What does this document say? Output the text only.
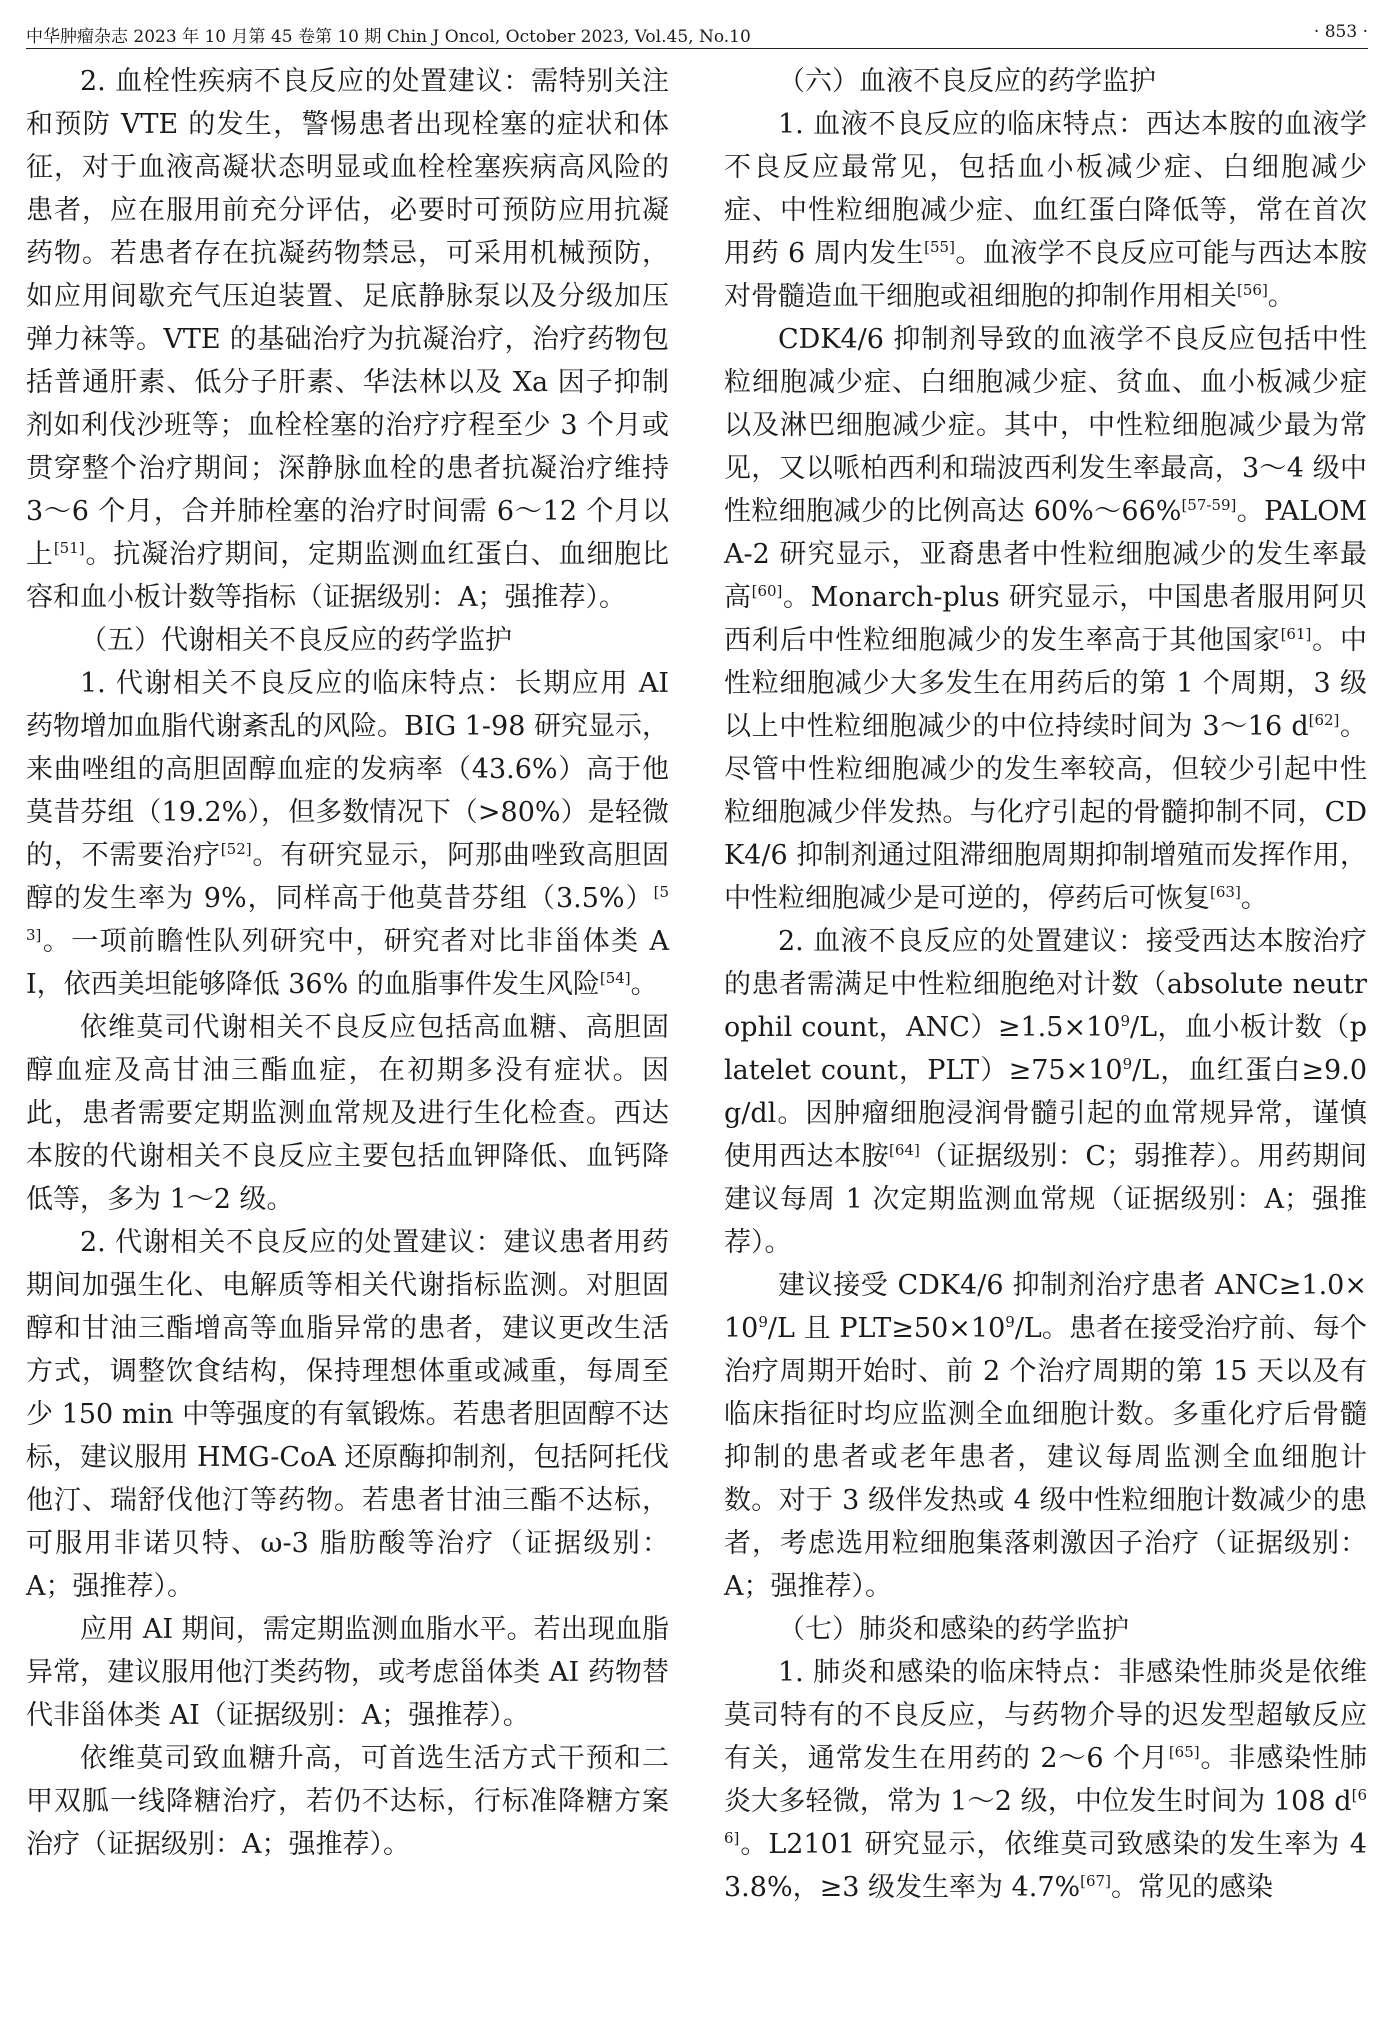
中华肿瘤杂志 2023 年 10 月第 45 卷第 10 期 Chin J Oncol, October 2023, Vol.45, No.10	· 853 ·

2. 血栓性疾病不良反应的处置建议：需特别关注和预防 VTE 的发生，警惕患者出现栓塞的症状和体征，对于血液高凝状态明显或血栓栓塞疾病高风险的患者，应在服用前充分评估，必要时可预防应用抗凝药物。若患者存在抗凝药物禁忌，可采用机械预防，如应用间歇充气压迫装置、足底静脉泵以及分级加压弹力袜等。VTE 的基础治疗为抗凝治疗，治疗药物包括普通肝素、低分子肝素、华法林以及 Xa 因子抑制剂如利伐沙班等；血栓栓塞的治疗疗程至少 3 个月或贯穿整个治疗期间；深静脉血栓的患者抗凝治疗维持 3～6 个月，合并肺栓塞的治疗时间需 6～12 个月以上[51]。抗凝治疗期间，定期监测血红蛋白、血细胞比容和血小板计数等指标（证据级别：A；强推荐）。

（五）代谢相关不良反应的药学监护

1. 代谢相关不良反应的临床特点：长期应用 AI 药物增加血脂代谢紊乱的风险。BIG 1-98 研究显示，来曲唑组的高胆固醇血症的发病率（43.6%）高于他莫昔芬组（19.2%），但多数情况下（>80%）是轻微的，不需要治疗[52]。有研究显示，阿那曲唑致高胆固醇的发生率为 9%，同样高于他莫昔芬组（3.5%）[53]。一项前瞻性队列研究中，研究者对比非甾体类 AI，依西美坦能够降低 36% 的血脂事件发生风险[54]。

依维莫司代谢相关不良反应包括高血糖、高胆固醇血症及高甘油三酯血症，在初期多没有症状。因此，患者需要定期监测血常规及进行生化检查。西达本胺的代谢相关不良反应主要包括血钾降低、血钙降低等，多为 1～2 级。

2. 代谢相关不良反应的处置建议：建议患者用药期间加强生化、电解质等相关代谢指标监测。对胆固醇和甘油三酯增高等血脂异常的患者，建议更改生活方式，调整饮食结构，保持理想体重或减重，每周至少 150 min 中等强度的有氧锻炼。若患者胆固醇不达标，建议服用 HMG-CoA 还原酶抑制剂，包括阿托伐他汀、瑞舒伐他汀等药物。若患者甘油三酯不达标，可服用非诺贝特、ω-3 脂肪酸等治疗（证据级别：A；强推荐）。

应用 AI 期间，需定期监测血脂水平。若出现血脂异常，建议服用他汀类药物，或考虑甾体类 AI 药物替代非甾体类 AI（证据级别：A；强推荐）。

依维莫司致血糖升高，可首选生活方式干预和二甲双胍一线降糖治疗，若仍不达标，行标准降糖方案治疗（证据级别：A；强推荐）。

（六）血液不良反应的药学监护

1. 血液不良反应的临床特点：西达本胺的血液学不良反应最常见，包括血小板减少症、白细胞减少症、中性粒细胞减少症、血红蛋白降低等，常在首次用药 6 周内发生[55]。血液学不良反应可能与西达本胺对骨髓造血干细胞或祖细胞的抑制作用相关[56]。

CDK4/6 抑制剂导致的血液学不良反应包括中性粒细胞减少症、白细胞减少症、贫血、血小板减少症以及淋巴细胞减少症。其中，中性粒细胞减少最为常见，又以哌柏西利和瑞波西利发生率最高，3～4 级中性粒细胞减少的比例高达 60%～66%[57-59]。PALOMA-2 研究显示，亚裔患者中性粒细胞减少的发生率最高[60]。Monarch-plus 研究显示，中国患者服用阿贝西利后中性粒细胞减少的发生率高于其他国家[61]。中性粒细胞减少大多发生在用药后的第 1 个周期，3 级以上中性粒细胞减少的中位持续时间为 3～16 d[62]。尽管中性粒细胞减少的发生率较高，但较少引起中性粒细胞减少伴发热。与化疗引起的骨髓抑制不同，CDK4/6 抑制剂通过阻滞细胞周期抑制增殖而发挥作用，中性粒细胞减少是可逆的，停药后可恢复[63]。

2. 血液不良反应的处置建议：接受西达本胺治疗的患者需满足中性粒细胞绝对计数（absolute neutrophil count，$ANC)\ge 1.5\times 10^9/L$，血小板计数（platelet count，$PLT)\ge 75\times 10^9/L$，血红蛋白≥9.0 g/dl。因肿瘤细胞浸润骨髓引起的血常规异常，谨慎使用西达本胺[64]（证据级别：C；弱推荐）。用药期间建议每周 1 次定期监测血常规（证据级别：A；强推荐）。

建议接受 CDK4/6 抑制剂治疗患者 $ANC\ge 1.0\times 10^9/L$ 且 $PLT\ge 50\times 10^9/L$。患者在接受治疗前、每个治疗周期开始时、前 2 个治疗周期的第 15 天以及有临床指征时均应监测全血细胞计数。多重化疗后骨髓抑制的患者或老年患者，建议每周监测全血细胞计数。对于 3 级伴发热或 4 级中性粒细胞计数减少的患者，考虑选用粒细胞集落刺激因子治疗（证据级别：A；强推荐）。

（七）肺炎和感染的药学监护

1. 肺炎和感染的临床特点：非感染性肺炎是依维莫司特有的不良反应，与药物介导的迟发型超敏反应有关，通常发生在用药的 2～6 个月[65]。非感染性肺炎大多轻微，常为 1～2 级，中位发生时间为 108 d[66]。L2101 研究显示，依维莫司致感染的发生率为 43.8%，≥3 级发生率为 4.7%[67]。常见的感染
